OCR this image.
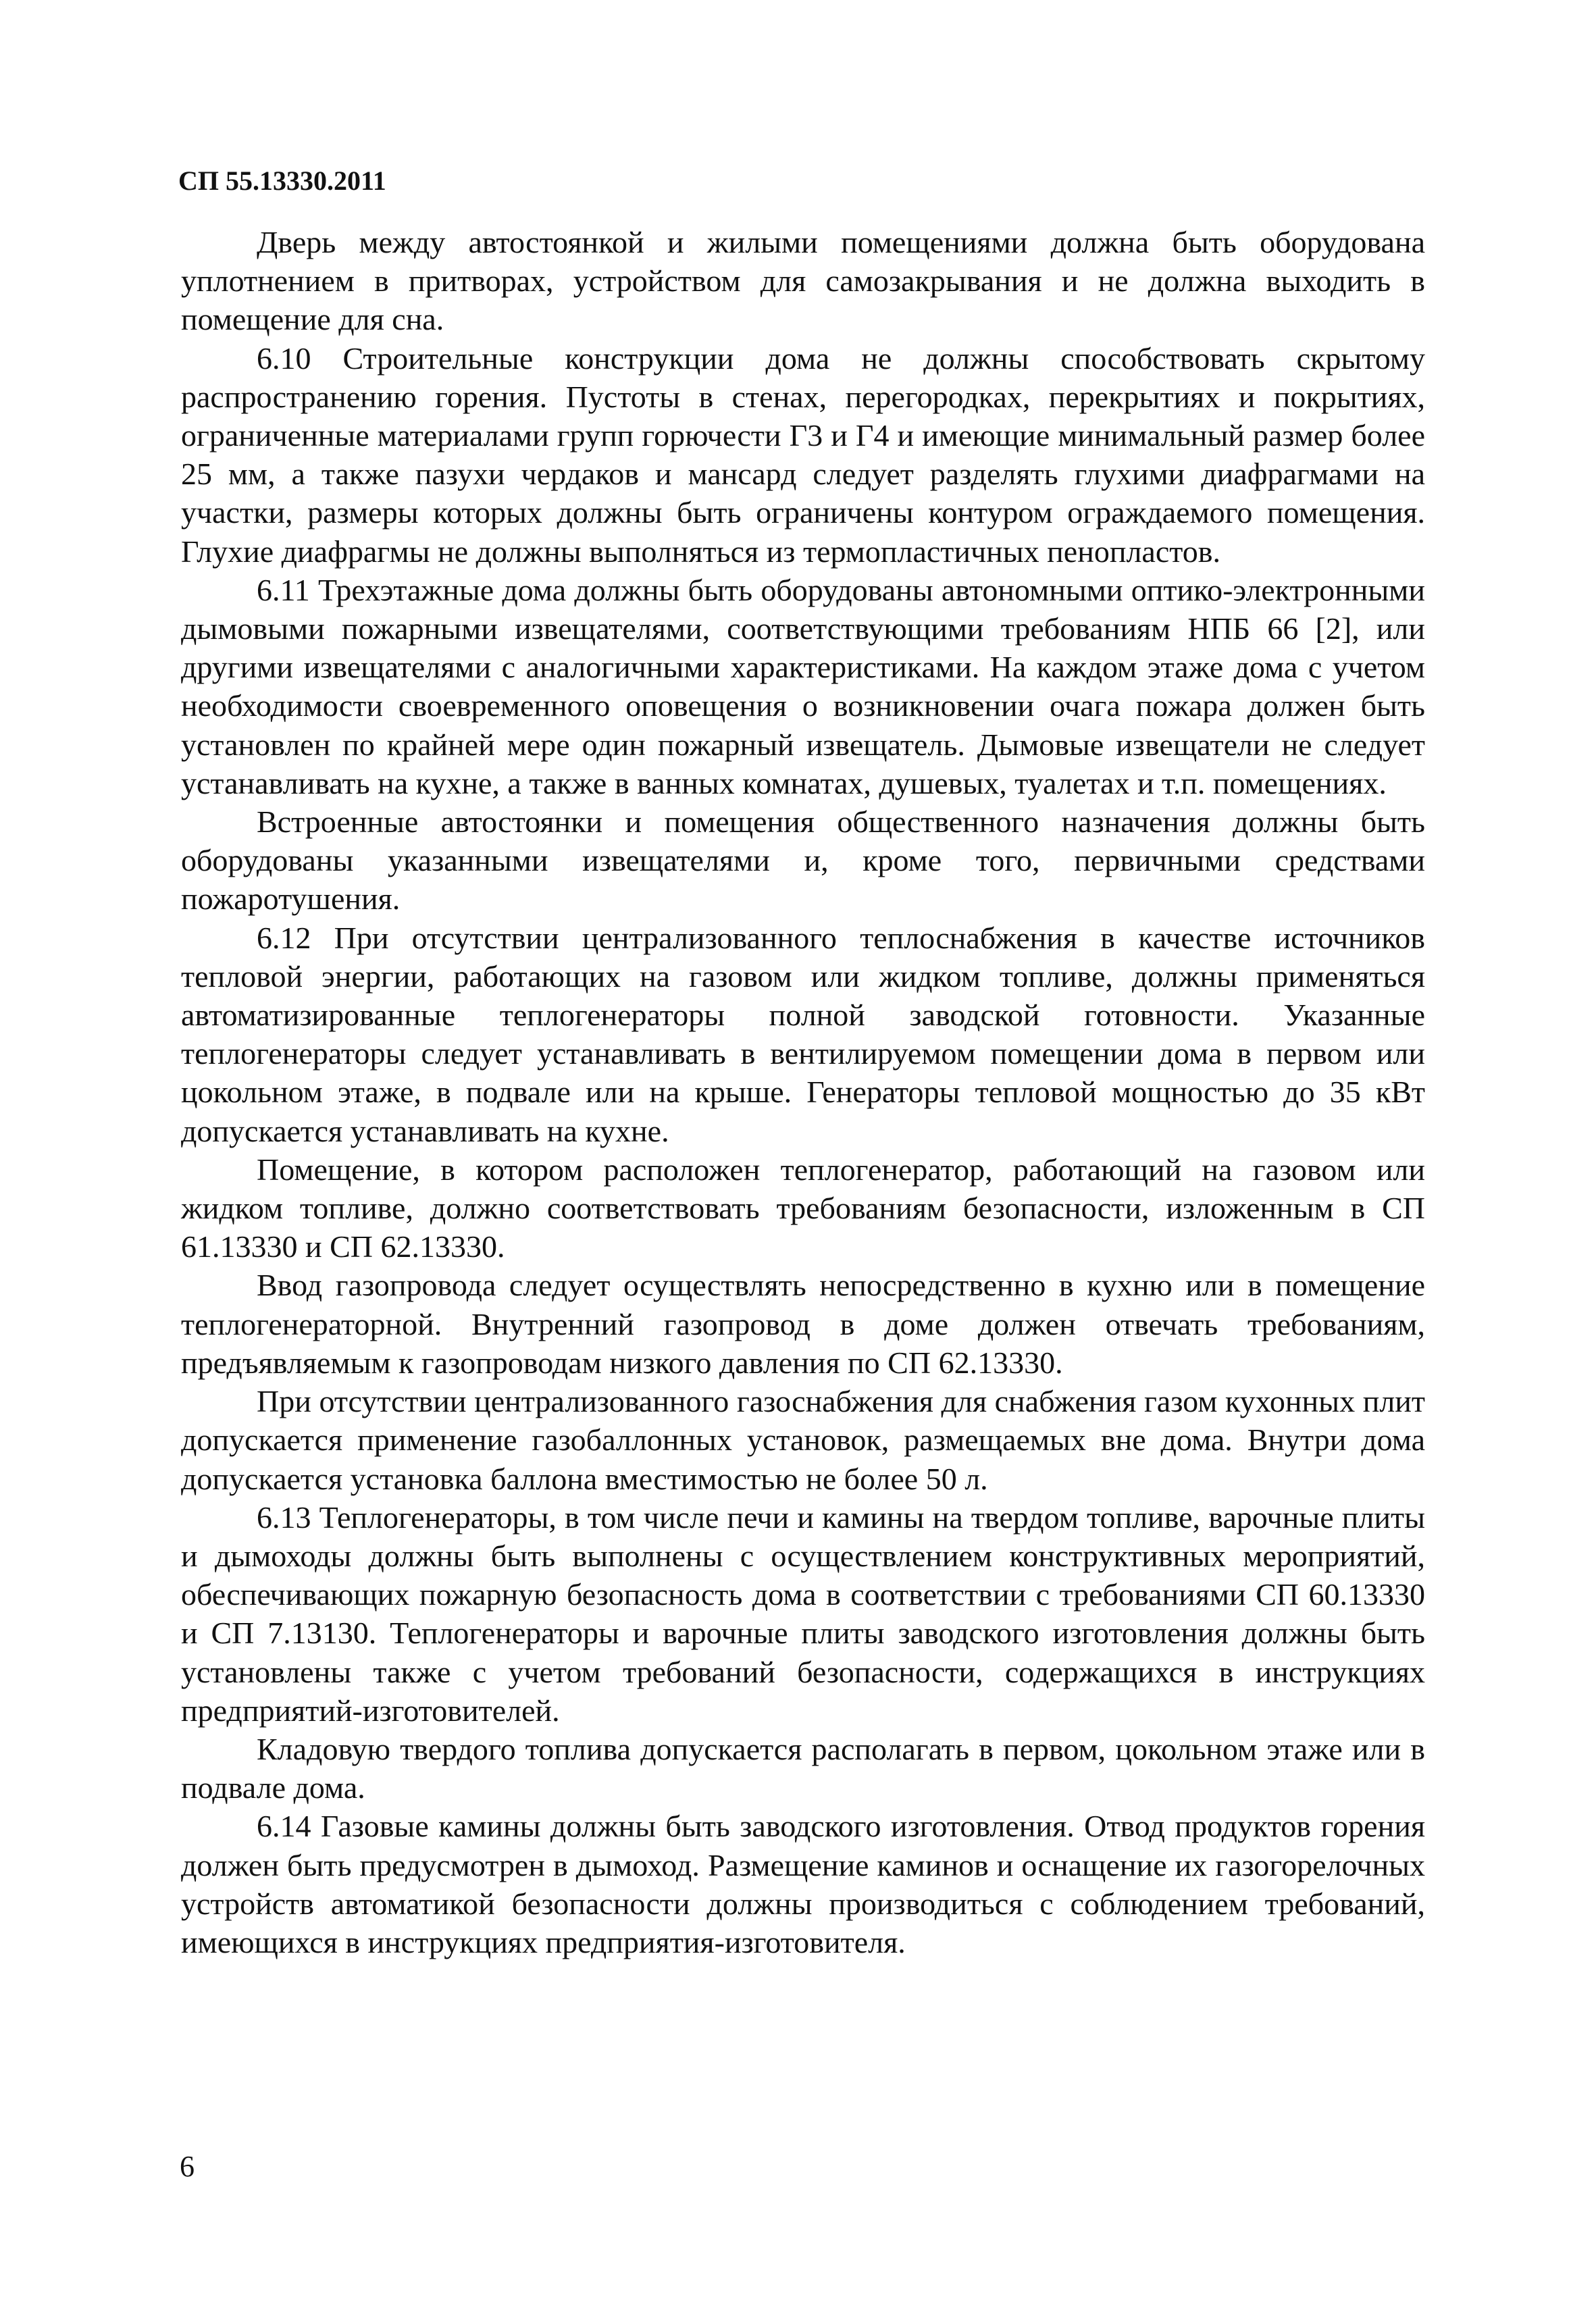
СП 55.13330.2011

Дверь между автостоянкой и жилыми помещениями должна быть оборудована уплотнением в притворах, устройством для самозакрывания и не должна выходить в помещение для сна.

6.10 Строительные конструкции дома не должны способствовать скрытому распространению горения. Пустоты в стенах, перегородках, перекрытиях и покрытиях, ограниченные материалами групп горючести Г3 и Г4 и имеющие минимальный размер более 25 мм, а также пазухи чердаков и мансард следует разделять глухими диафрагмами на участки, размеры которых должны быть ограничены контуром ограждаемого помещения. Глухие диафрагмы не должны выполняться из термопластичных пенопластов.

6.11 Трехэтажные дома должны быть оборудованы автономными оптико-электронными дымовыми пожарными извещателями, соответствующими требованиям НПБ 66 [2], или другими извещателями с аналогичными характеристиками. На каждом этаже дома с учетом необходимости своевременного оповещения о возникновении очага пожара должен быть установлен по крайней мере один пожарный извещатель. Дымовые извещатели не следует устанавливать на кухне, а также в ванных комнатах, душевых, туалетах и т.п. помещениях.

Встроенные автостоянки и помещения общественного назначения должны быть оборудованы указанными извещателями и, кроме того, первичными средствами пожаротушения.

6.12 При отсутствии централизованного теплоснабжения в качестве источников тепловой энергии, работающих на газовом или жидком топливе, должны применяться автоматизированные теплогенераторы полной заводской готовности. Указанные теплогенераторы следует устанавливать в вентилируемом помещении дома в первом или цокольном этаже, в подвале или на крыше. Генераторы тепловой мощностью до 35 кВт допускается устанавливать на кухне.

Помещение, в котором расположен теплогенератор, работающий на газовом или жидком топливе, должно соответствовать требованиям безопасности, изложенным в СП 61.13330 и СП 62.13330.

Ввод газопровода следует осуществлять непосредственно в кухню или в помещение теплогенераторной. Внутренний газопровод в доме должен отвечать требованиям, предъявляемым к газопроводам низкого давления по СП 62.13330.

При отсутствии централизованного газоснабжения для снабжения газом кухонных плит допускается применение газобаллонных установок, размещаемых вне дома. Внутри дома допускается установка баллона вместимостью не более 50 л.

6.13 Теплогенераторы, в том числе печи и камины на твердом топливе, варочные плиты и дымоходы должны быть выполнены с осуществлением конструктивных мероприятий, обеспечивающих пожарную безопасность дома в соответствии с требованиями СП 60.13330 и СП 7.13130. Теплогенераторы и варочные плиты заводского изготовления должны быть установлены также с учетом требований безопасности, содержащихся в инструкциях предприятий-изготовителей.

Кладовую твердого топлива допускается располагать в первом, цокольном этаже или в подвале дома.

6.14 Газовые камины должны быть заводского изготовления. Отвод продуктов горения должен быть предусмотрен в дымоход. Размещение каминов и оснащение их газогорелочных устройств автоматикой безопасности должны производиться с соблюдением требований, имеющихся в инструкциях предприятия-изготовителя.

6
